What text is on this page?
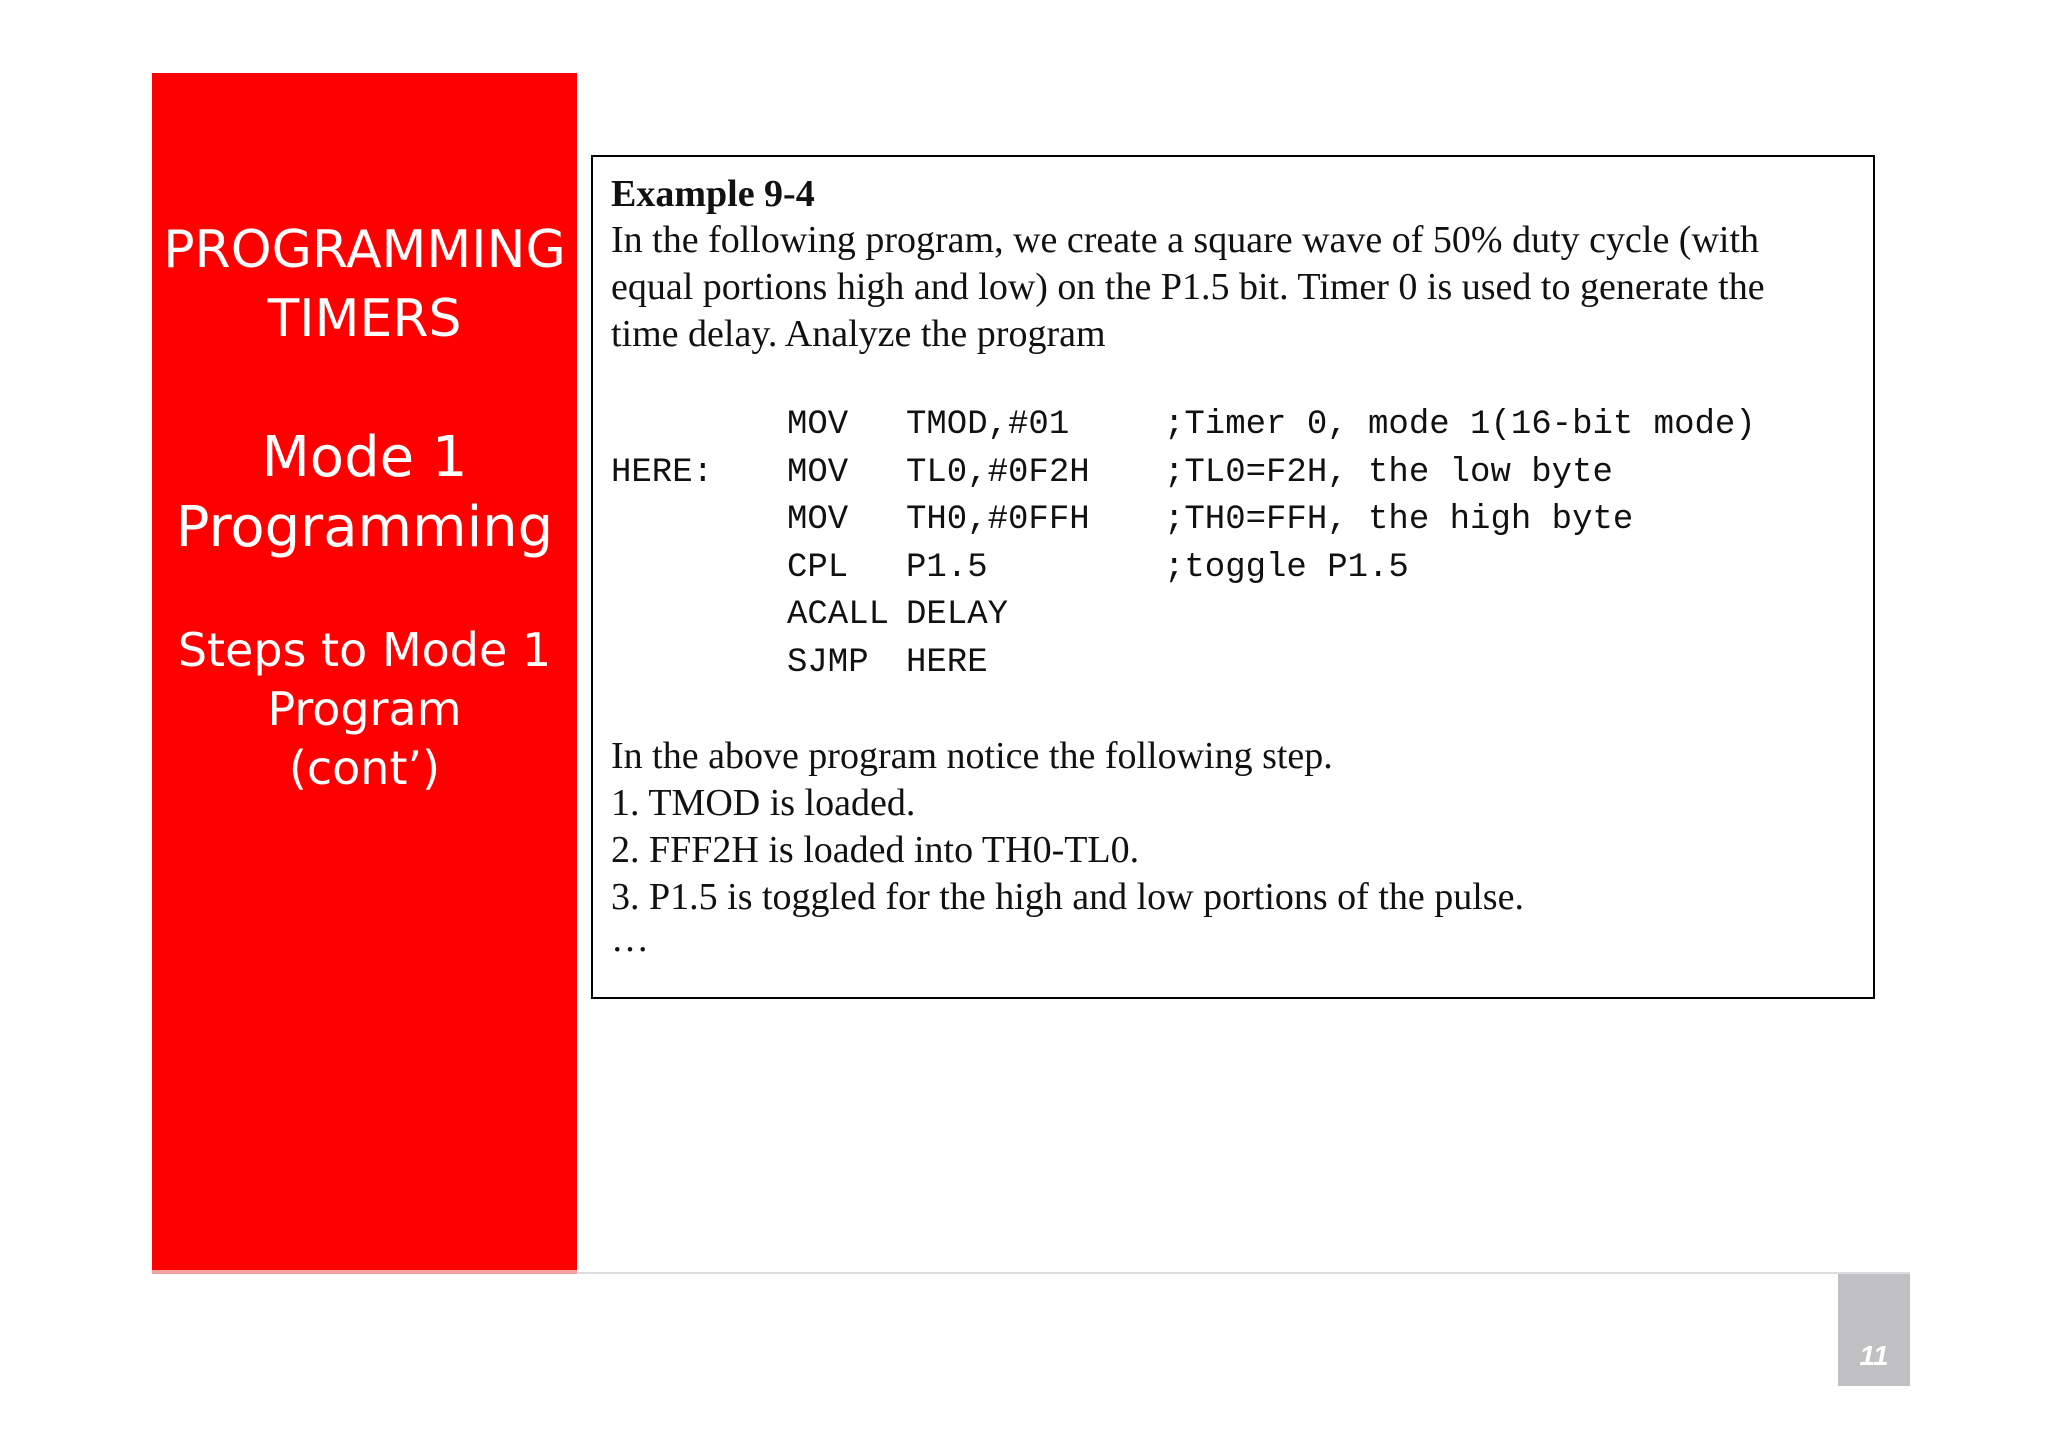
PROGRAMMING
TIMERS
Mode 1
Programming
Steps to Mode 1
Program
(cont’)
Example 9-4
In the following program, we create a square wave of 50% duty cycle (with
equal portions high and low) on the P1.5 bit. Timer 0 is used to generate the
time delay. Analyze the program
MOV TMOD,#01	;Timer 0, mode 1(16-bit mode)
HERE: MOV TL0,#0F2H ;TL0=F2H, the low byte
MOV TH0,#0FFH ;TH0=FFH, the high byte
CPL P1.5	;toggle P1.5
ACALL DELAY
SJMP HERE
In the above program notice the following step.
1. TMOD is loaded.
2. FFF2H is loaded into TH0-TL0.
3. P1.5 is toggled for the high and low portions of the pulse.
…
11
